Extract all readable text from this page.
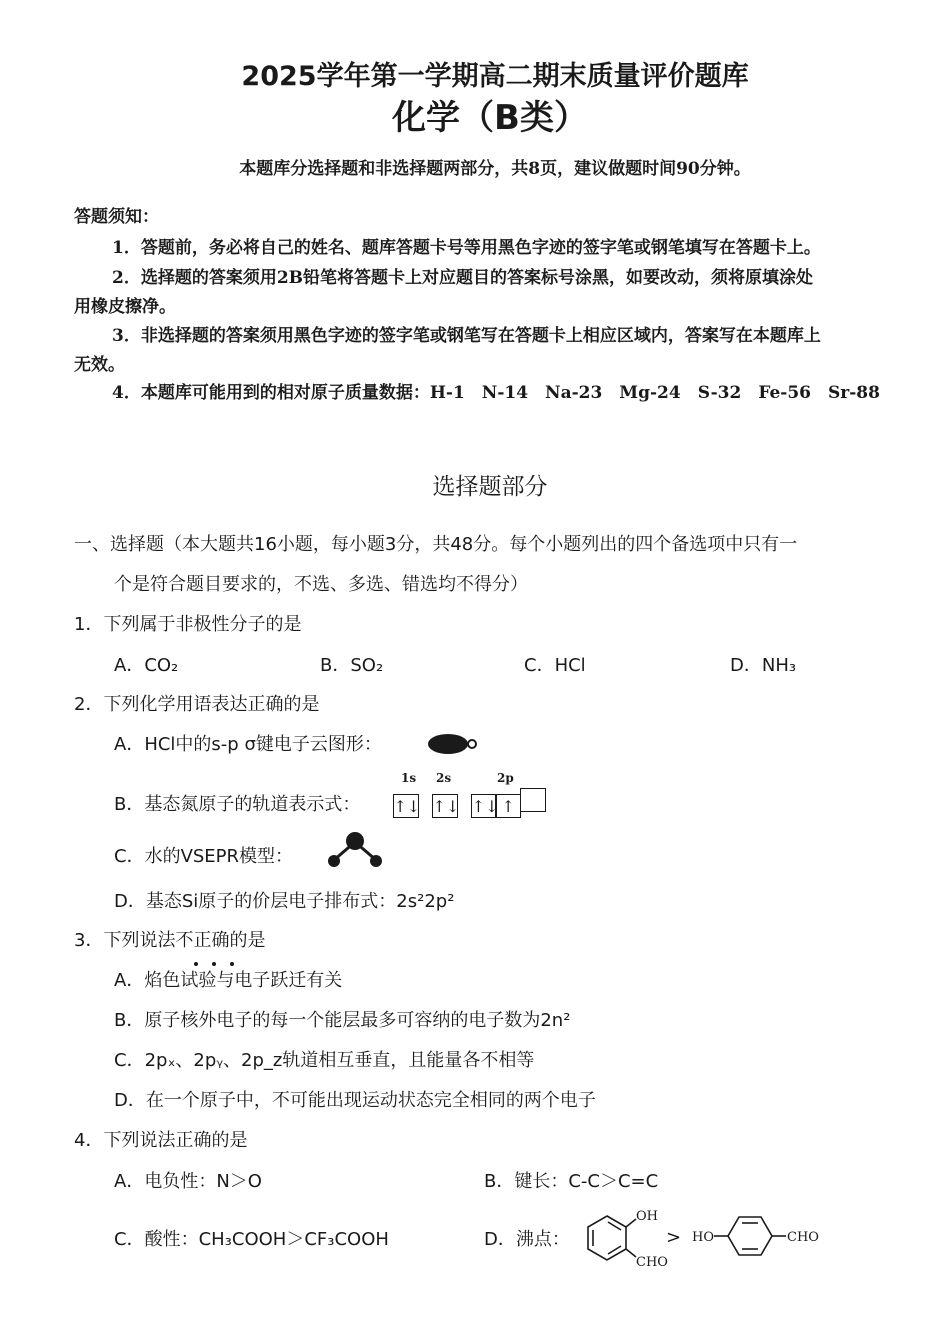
2025学年第一学期高二期末质量评价题库
化学（B类）
本题库分选择题和非选择题两部分，共8页，建议做题时间90分钟。
答题须知：
1．答题前，务必将自己的姓名、题库答题卡号等用黑色字迹的签字笔或钢笔填写在答题卡上。
2．选择题的答案须用2B铅笔将答题卡上对应题目的答案标号涂黑，如要改动，须将原填涂处
用橡皮擦净。
3．非选择题的答案须用黑色字迹的签字笔或钢笔写在答题卡上相应区域内，答案写在本题库上
无效。
4．本题库可能用到的相对原子质量数据：H-1　N-14　Na-23　Mg-24　S-32　Fe-56　Sr-88
选择题部分
一、选择题（本大题共16小题，每小题3分，共48分。每个小题列出的四个备选项中只有一
个是符合题目要求的，不选、多选、错选均不得分）
1．下列属于非极性分子的是
A．CO₂	B．SO₂	C．HCl	D．NH₃
2．下列化学用语表达正确的是
A．HCl中的s-p σ键电子云图形：
B．基态氮原子的轨道表示式：
1s 2s	2p
↑↓ ↑↓ ↑↓ ↑
C．水的VSEPR模型：
D．基态Si原子的价层电子排布式：2s²2p²
3．下列说法不正确的是
A．焰色试验与电子跃迁有关
B．原子核外电子的每一个能层最多可容纳的电子数为2n²
C．2pₓ、2pᵧ、2p_z轨道相互垂直，且能量各不相等
D．在一个原子中，不可能出现运动状态完全相同的两个电子
4．下列说法正确的是
A．电负性：N＞O	B．键长：C-C＞C=C
C．酸性：CH₃COOH＞CF₃COOH	D．沸点：
OH
CHO
> HO	CHO
